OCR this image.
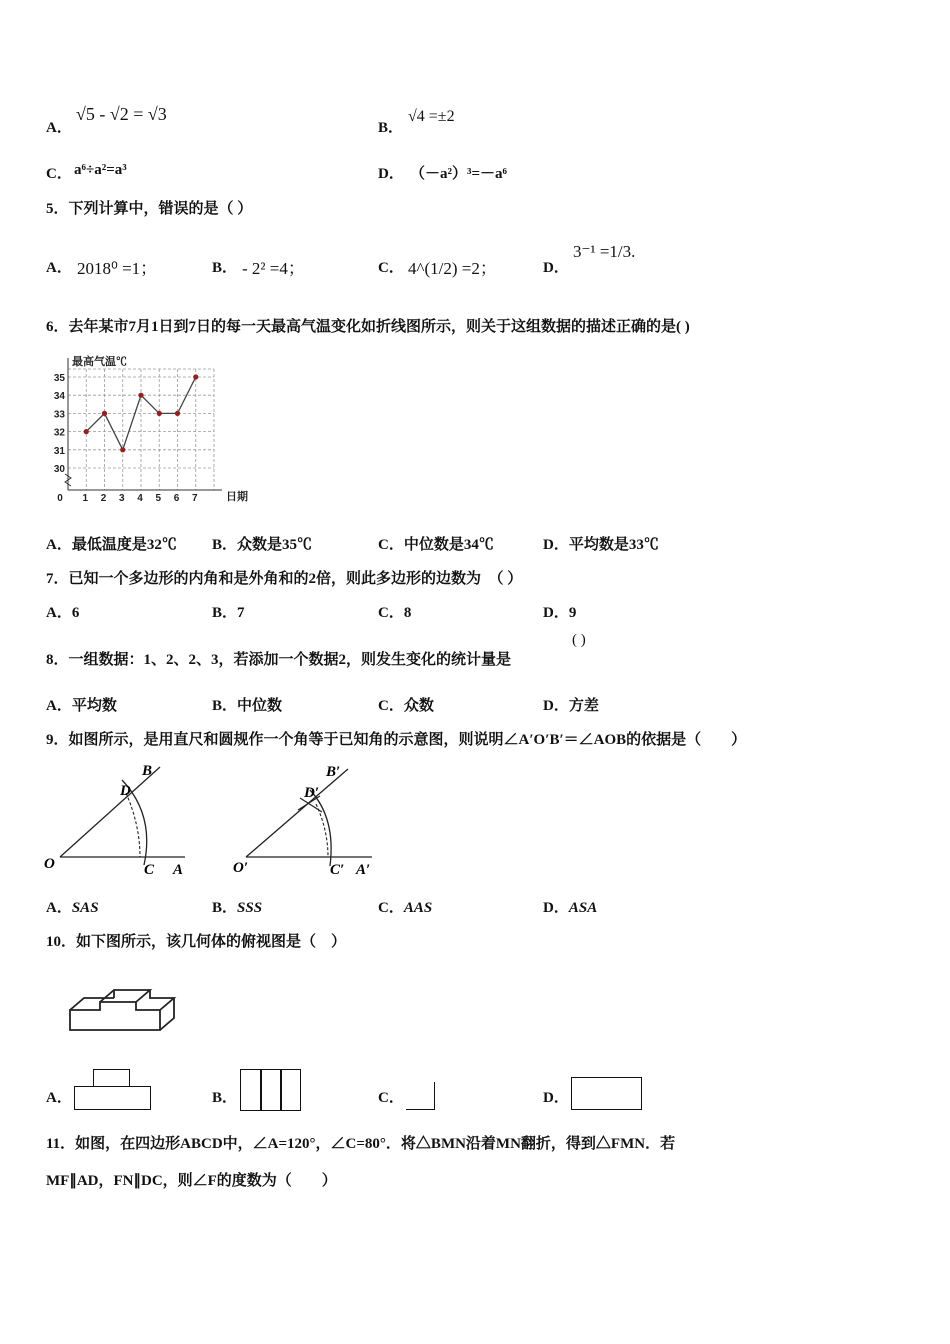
A．
√5 - √2 = √3
B．
√4 =±2
C． a⁶÷a²=a³	D． （－a²）³=－a⁶
5．下列计算中，错误的是（ ）
A． 2018⁰ =1；	B． - 2² =4；	C． 4^(1/2) =2；	D．
3⁻¹ =1/3.
6．去年某市7月1日到7日的每一天最高气温变化如折线图所示，则关于这组数据的描述正确的是( )
最高气温℃
日期
30
31
32
33
34
35
0 1 2 3 4 5 6 7
A．最低温度是32℃ B．众数是35℃	C．中位数是34℃	D．平均数是33℃
7．已知一个多边形的内角和是外角和的2倍，则此多边形的边数为　（ ）
A．6	B．7	C．8	D．9
8．一组数据：1、2、2、3，若添加一个数据2，则发生变化的统计量是
( )
A．平均数	B．中位数	C．众数	D．方差
9．如图所示，是用直尺和圆规作一个角等于已知角的示意图，则说明∠A′O′B′＝∠AOB的依据是（　　）
O	A
B
C
D
O′	A′
B′
C′
D′
A．SAS	B．SSS	C．AAS	D．ASA
10．如下图所示，该几何体的俯视图是（　）
A．	B．	C．	D．
11．如图，在四边形ABCD中，∠A=120°，∠C=80°．将△BMN沿着MN翻折，得到△FMN．若
MF∥AD，FN∥DC，则∠F的度数为（　　）
